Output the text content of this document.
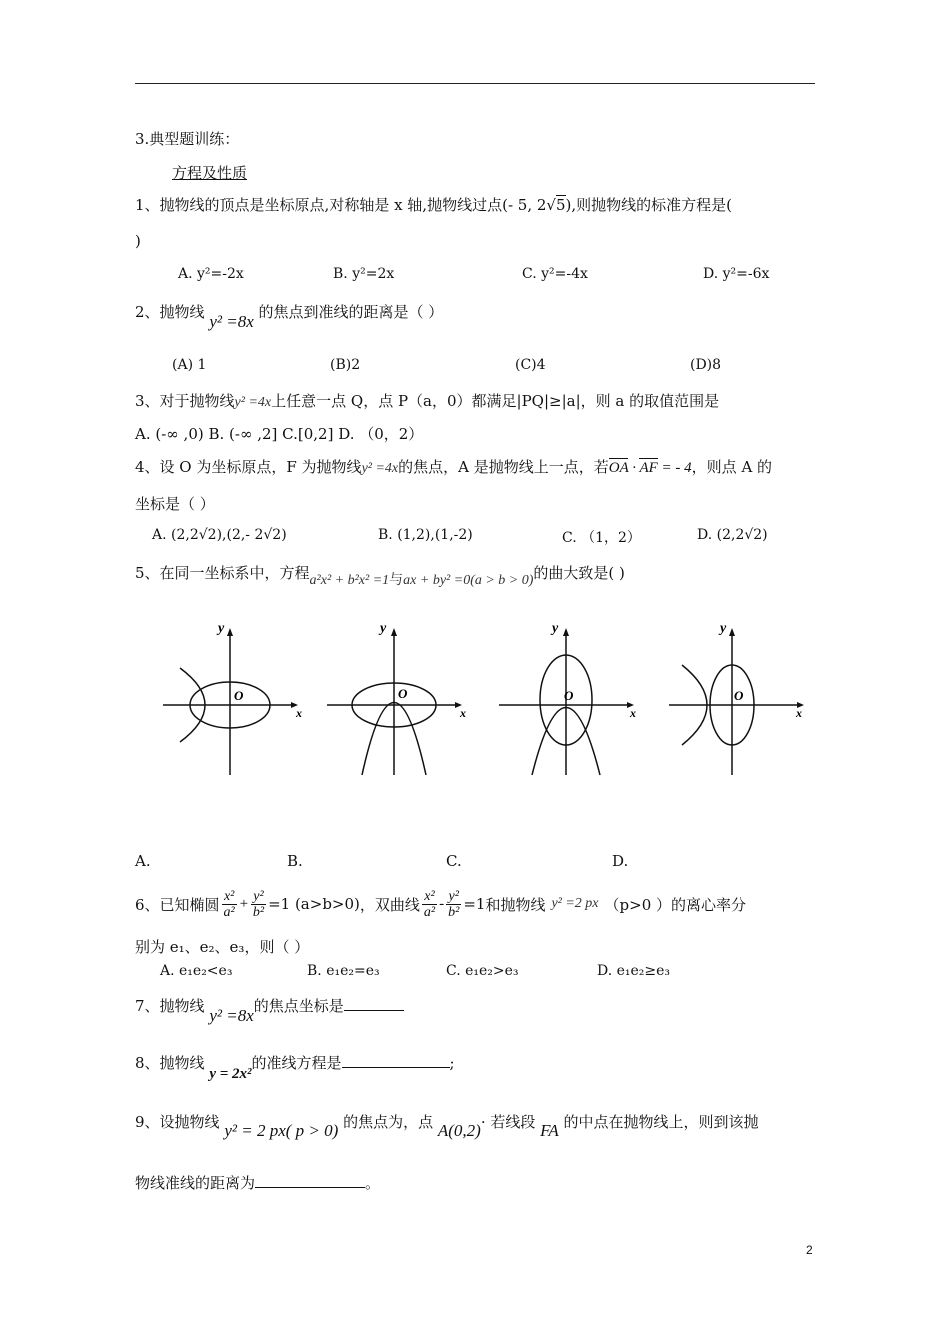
3.典型题训练：
方程及性质
1、抛物线的顶点是坐标原点,对称轴是 x 轴,抛物线过点(- 5, 2√5),则抛物线的标准方程是(
)
A. y²=-2x	B. y²=2x	C. y²=-4x	D. y²=-6x
2、抛物线 y² =8x 的焦点到准线的距离是（ ）
(A) 1	(B)2	(C)4	(D)8
3、对于抛物线y² =4x上任意一点 Q，点 P（a，0）都满足|PQ|≥|a|，则 a 的取值范围是
A. (-∞ ,0) B. (-∞ ,2] C.[0,2] D. （0，2）
4、设 O 为坐标原点，F 为抛物线y² =4x的焦点，A 是抛物线上一点，若OA · AF = - 4，则点 A 的
坐标是（ ）
A. (2,2√2),(2,- 2√2)	B. (1,2),(1,-2)	C. （1，2）	D. (2,2√2)
5、在同一坐标系中，方程a²x² + b²x² =1与ax + by² =0(a > b > 0)的曲大致是( )
y
O
x
y
O
x
y
O
x
y
O
x
A.	B.	C.	D.
6、已知椭圆 $\frac{\text{x²}}{\text{a²}} + \frac{\text{y²}}{\text{b²}} =1$ (a>b>0) ，双曲线 $\frac{\text{x²}}{\text{a²}} - \frac{\text{y²}}{\text{b²}} =1$ 和抛物线 y² =2 px （p>0 ）的离心率分
别为 e₁、e₂、e₃，则（ ）
A. e₁e₂<e₃	B. e₁e₂=e₃	C. e₁e₂>e₃	D. e₁e₂≥e₃
7、抛物线 y² =8x的焦点坐标是
8、抛物线 y = 2x²的准线方程是	;
9、设抛物线 y² = 2 px( p > 0) 的焦点为，点 A(0,2)· 若线段 FA 的中点在抛物线上，则到该抛
物线准线的距离为	。
2
